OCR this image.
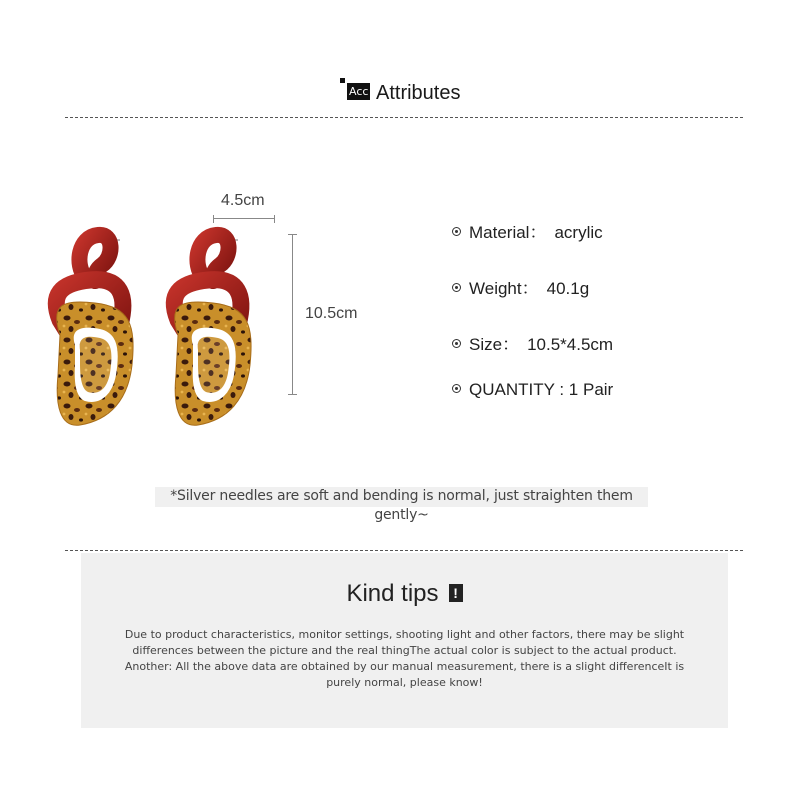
Acc Attributes
4.5cm
10.5cm
Material： acrylic
Weight： 40.1g
Size： 10.5*4.5cm
QUANTITY : 1 Pair
*Silver needles are soft and bending is normal, just straighten them gently~
Kind tips !
Due to product characteristics, monitor settings, shooting light and other factors, there may be slight differences between the picture and the real thingThe actual color is subject to the actual product. Another: All the above data are obtained by our manual measurement, there is a slight differenceIt is purely normal, please know!
